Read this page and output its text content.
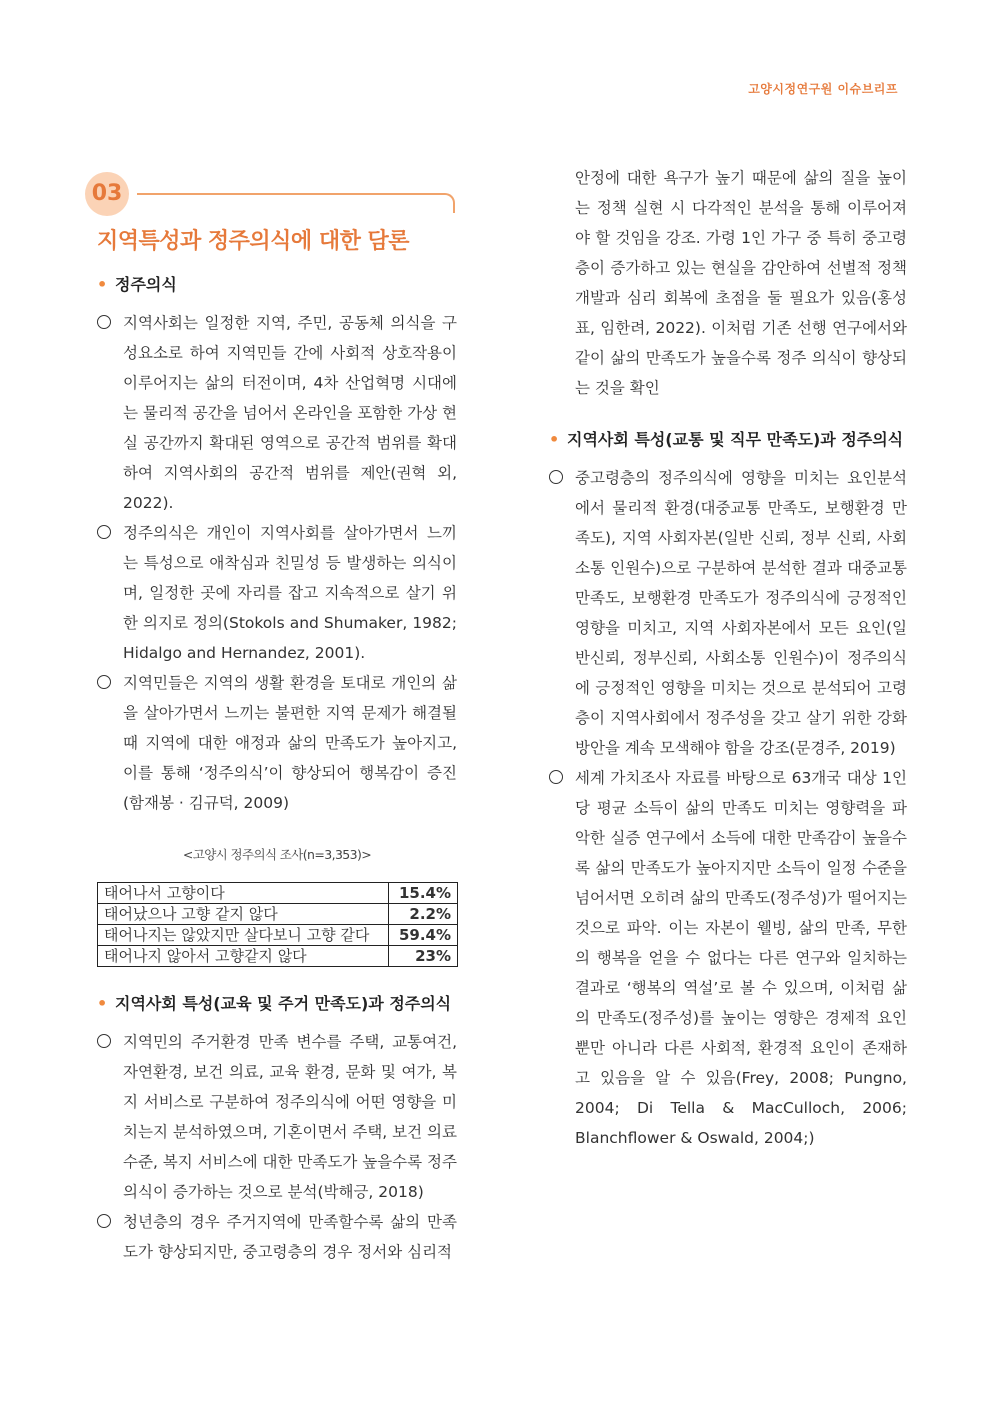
고양시정연구원 이슈브리프
03
지역특성과 정주의식에 대한 담론

• 정주의식

지역사회는 일정한 지역, 주민, 공동체 의식을 구성요소로 하여 지역민들 간에 사회적 상호작용이 이루어지는 삶의 터전이며, 4차 산업혁명 시대에는 물리적 공간을 넘어서 온라인을 포함한 가상 현실 공간까지 확대된 영역으로 공간적 범위를 확대하여 지역사회의 공간적 범위를 제안(권혁 외, 2022).

정주의식은 개인이 지역사회를 살아가면서 느끼는 특성으로 애착심과 친밀성 등 발생하는 의식이며, 일정한 곳에 자리를 잡고 지속적으로 살기 위한 의지로 정의(Stokols and Shumaker, 1982; Hidalgo and Hernandez, 2001).

지역민들은 지역의 생활 환경을 토대로 개인의 삶을 살아가면서 느끼는 불편한 지역 문제가 해결될 때 지역에 대한 애정과 삶의 만족도가 높아지고, 이를 통해 ‘정주의식’이 향상되어 행복감이 증진(함재봉 · 김규덕, 2009)

<고양시 정주의식 조사(n=3,353)>
태어나서 고향이다	15.4%
태어났으나 고향 같지 않다	2.2%
태어나지는 않았지만 살다보니 고향 같다	59.4%
태어나지 않아서 고향같지 않다	23%

• 지역사회 특성(교육 및 주거 만족도)과 정주의식

지역민의 주거환경 만족 변수를 주택, 교통여건, 자연환경, 보건 의료, 교육 환경, 문화 및 여가, 복지 서비스로 구분하여 정주의식에 어떤 영향을 미치는지 분석하였으며, 기혼이면서 주택, 보건 의료 수준, 복지 서비스에 대한 만족도가 높을수록 정주의식이 증가하는 것으로 분석(박해긍, 2018)

청년층의 경우 주거지역에 만족할수록 삶의 만족도가 향상되지만, 중고령층의 경우 정서와 심리적

안정에 대한 욕구가 높기 때문에 삶의 질을 높이는 정책 실현 시 다각적인 분석을 통해 이루어져야 할 것임을 강조. 가령 1인 가구 중 특히 중고령층이 증가하고 있는 현실을 감안하여 선별적 정책 개발과 심리 회복에 초점을 둘 필요가 있음(홍성표, 임한려, 2022). 이처럼 기존 선행 연구에서와 같이 삶의 만족도가 높을수록 정주 의식이 향상되는 것을 확인

• 지역사회 특성(교통 및 직무 만족도)과 정주의식

중고령층의 정주의식에 영향을 미치는 요인분석에서 물리적 환경(대중교통 만족도, 보행환경 만족도), 지역 사회자본(일반 신뢰, 정부 신뢰, 사회 소통 인원수)으로 구분하여 분석한 결과 대중교통 만족도, 보행환경 만족도가 정주의식에 긍정적인 영향을 미치고, 지역 사회자본에서 모든 요인(일반신뢰, 정부신뢰, 사회소통 인원수)이 정주의식에 긍정적인 영향을 미치는 것으로 분석되어 고령층이 지역사회에서 정주성을 갖고 살기 위한 강화 방안을 계속 모색해야 함을 강조(문경주, 2019)

세계 가치조사 자료를 바탕으로 63개국 대상 1인당 평균 소득이 삶의 만족도 미치는 영향력을 파악한 실증 연구에서 소득에 대한 만족감이 높을수록 삶의 만족도가 높아지지만 소득이 일정 수준을 넘어서면 오히려 삶의 만족도(정주성)가 떨어지는 것으로 파악. 이는 자본이 웰빙, 삶의 만족, 무한의 행복을 얻을 수 없다는 다른 연구와 일치하는 결과로 ‘행복의 역설’로 볼 수 있으며, 이처럼 삶의 만족도(정주성)를 높이는 영향은 경제적 요인뿐만 아니라 다른 사회적, 환경적 요인이 존재하고 있음을 알 수 있음(Frey, 2008; Pungno, 2004; Di Tella & MacCulloch, 2006; Blanchflower & Oswald, 2004;)
